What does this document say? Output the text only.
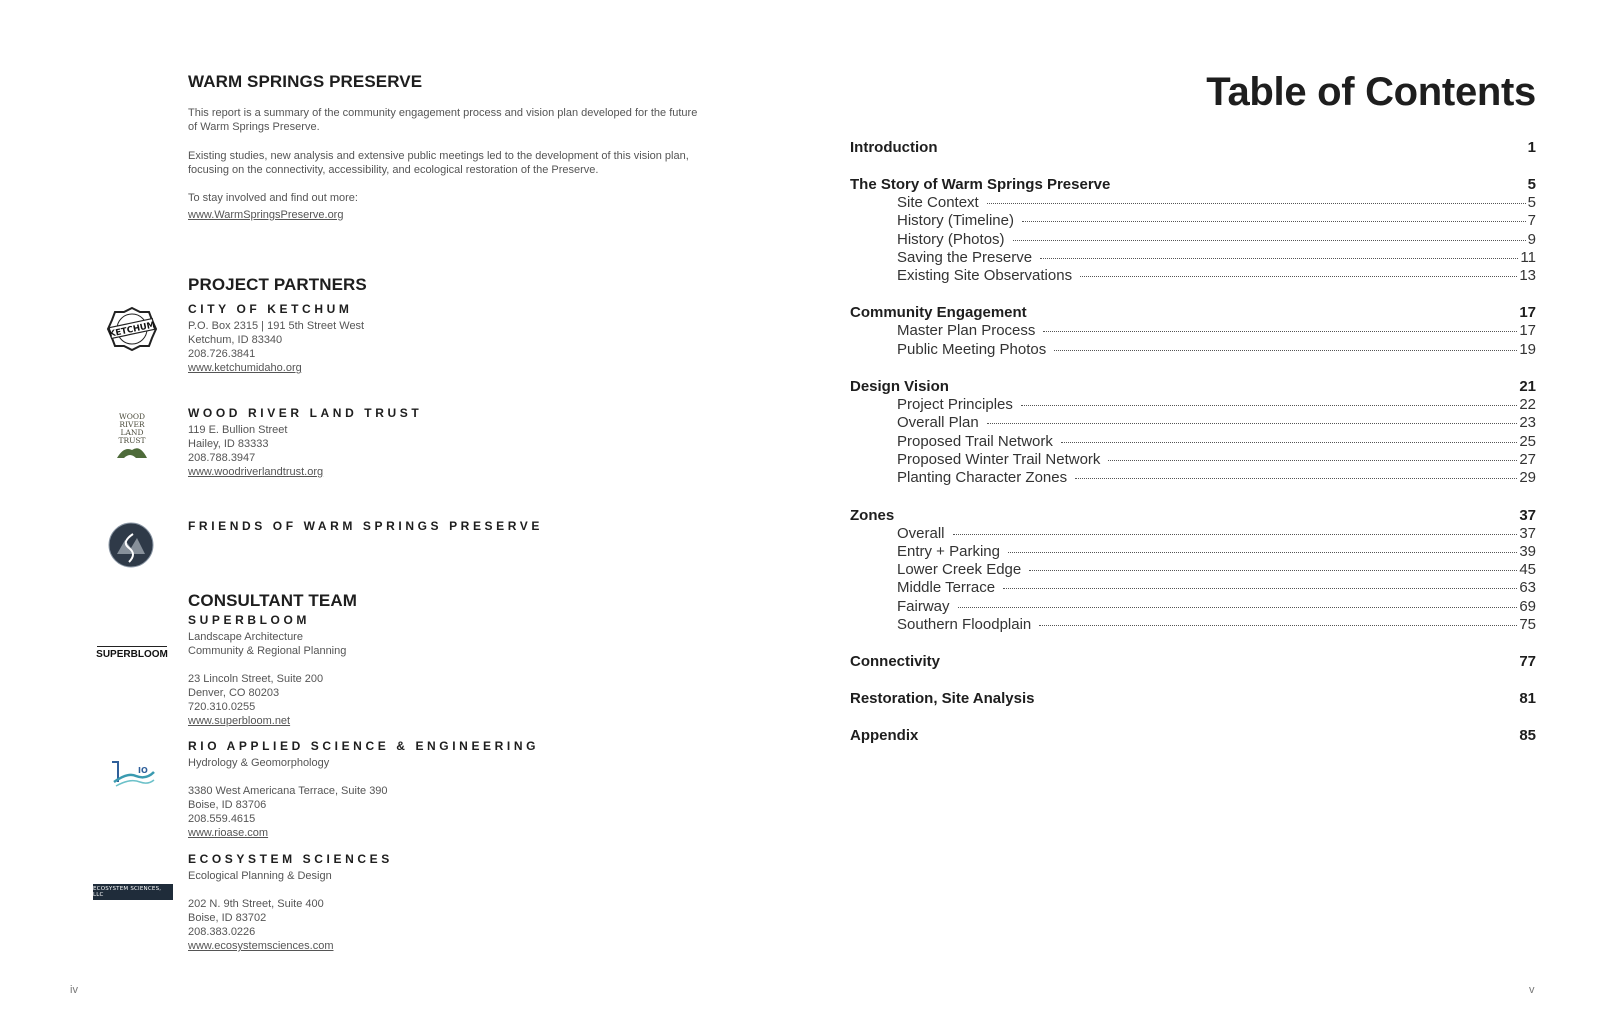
WARM SPRINGS PRESERVE

This report is a summary of the community engagement process and vision plan developed for the future of Warm Springs Preserve.

Existing studies, new analysis and extensive public meetings led to the development of this vision plan, focusing on the connectivity, accessibility, and ecological restoration of the Preserve.

To stay involved and find out more:

www.WarmSpringsPreserve.org
PROJECT PARTNERS
KETCHUM

CITY OF KETCHUM

P.O. Box 2315 | 191 5th Street West
Ketchum, ID 83340
208.726.3841
www.ketchumidaho.org
WOOD
RIVER
LAND
TRUST

WOOD RIVER LAND TRUST

119 E. Bullion Street
Hailey, ID 83333
208.788.3947
www.woodriverlandtrust.org

FRIENDS OF WARM SPRINGS PRESERVE

CONSULTANT TEAM
SUPERBLOOM

SUPERBLOOM

Landscape Architecture
Community & Regional Planning
23 Lincoln Street, Suite 200
Denver, CO 80203
720.310.0255
www.superbloom.net
IO

RIO APPLIED SCIENCE & ENGINEERING

Hydrology & Geomorphology
3380 West Americana Terrace, Suite 390
Boise, ID 83706
208.559.4615
www.rioase.com
ECOSYSTEM SCIENCES, LLC

ECOSYSTEM SCIENCES

Ecological Planning & Design
202 N. 9th Street, Suite 400
Boise, ID 83702
208.383.0226
www.ecosystemsciences.com
iv
Table of Contents
Introduction	1
The Story of Warm Springs Preserve	5
Site Context	5
History (Timeline)	7
History (Photos)	9
Saving the Preserve	11
Existing Site Observations	13
Community Engagement	17
Master Plan Process	17
Public Meeting Photos	19
Design Vision	21
Project Principles	22
Overall Plan	23
Proposed Trail Network	25
Proposed Winter Trail Network	27
Planting Character Zones	29
Zones	37
Overall	37
Entry + Parking	39
Lower Creek Edge	45
Middle Terrace	63
Fairway	69
Southern Floodplain	75
Connectivity	77
Restoration, Site Analysis	81
Appendix	85
v
